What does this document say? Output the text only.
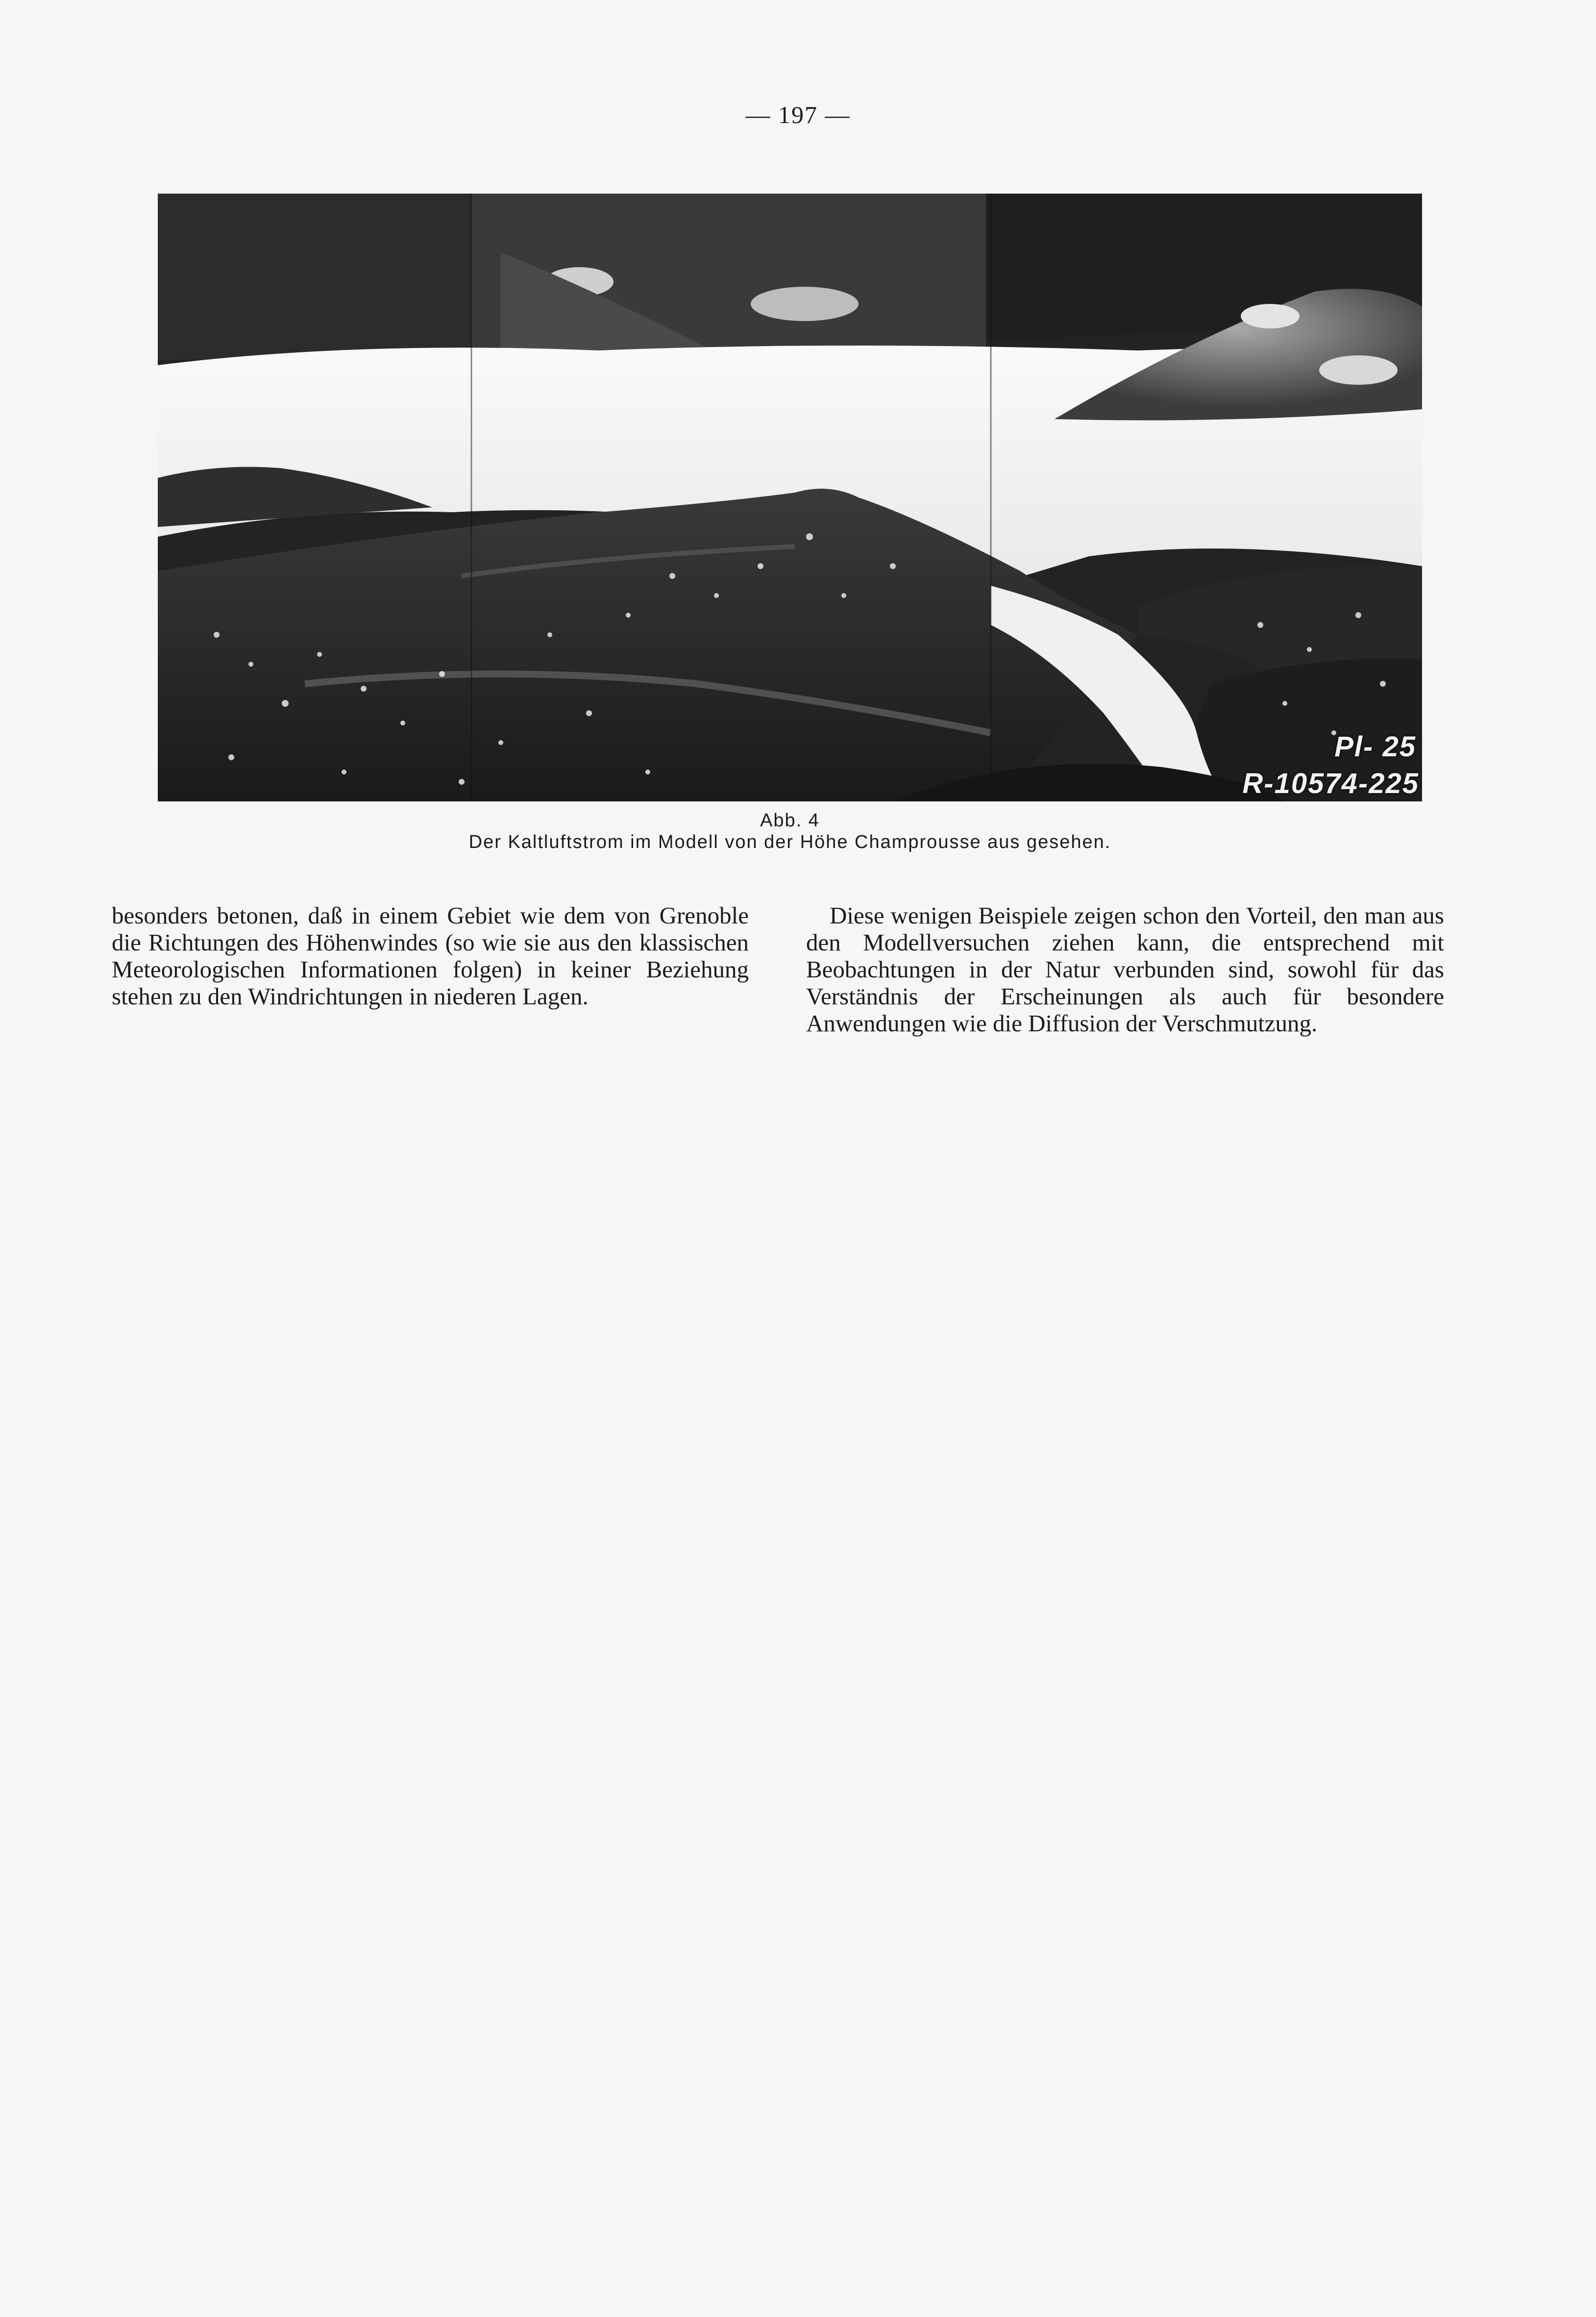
— 197 —
Pl- 25
R-10574-225
Abb. 4
Der Kaltluftstrom im Modell von der Höhe Champrousse aus gesehen.

besonders betonen, daß in einem Gebiet wie dem von Grenoble die Richtungen des Höhenwindes (so wie sie aus den klassischen Meteorologischen Informationen folgen) in keiner Beziehung stehen zu den Windrichtungen in niederen Lagen.

Diese wenigen Beispiele zeigen schon den Vorteil, den man aus den Modellversuchen ziehen kann, die entsprechend mit Beobachtungen in der Natur verbunden sind, sowohl für das Verständnis der Erscheinungen als auch für besondere Anwendungen wie die Diffusion der Verschmutzung.
